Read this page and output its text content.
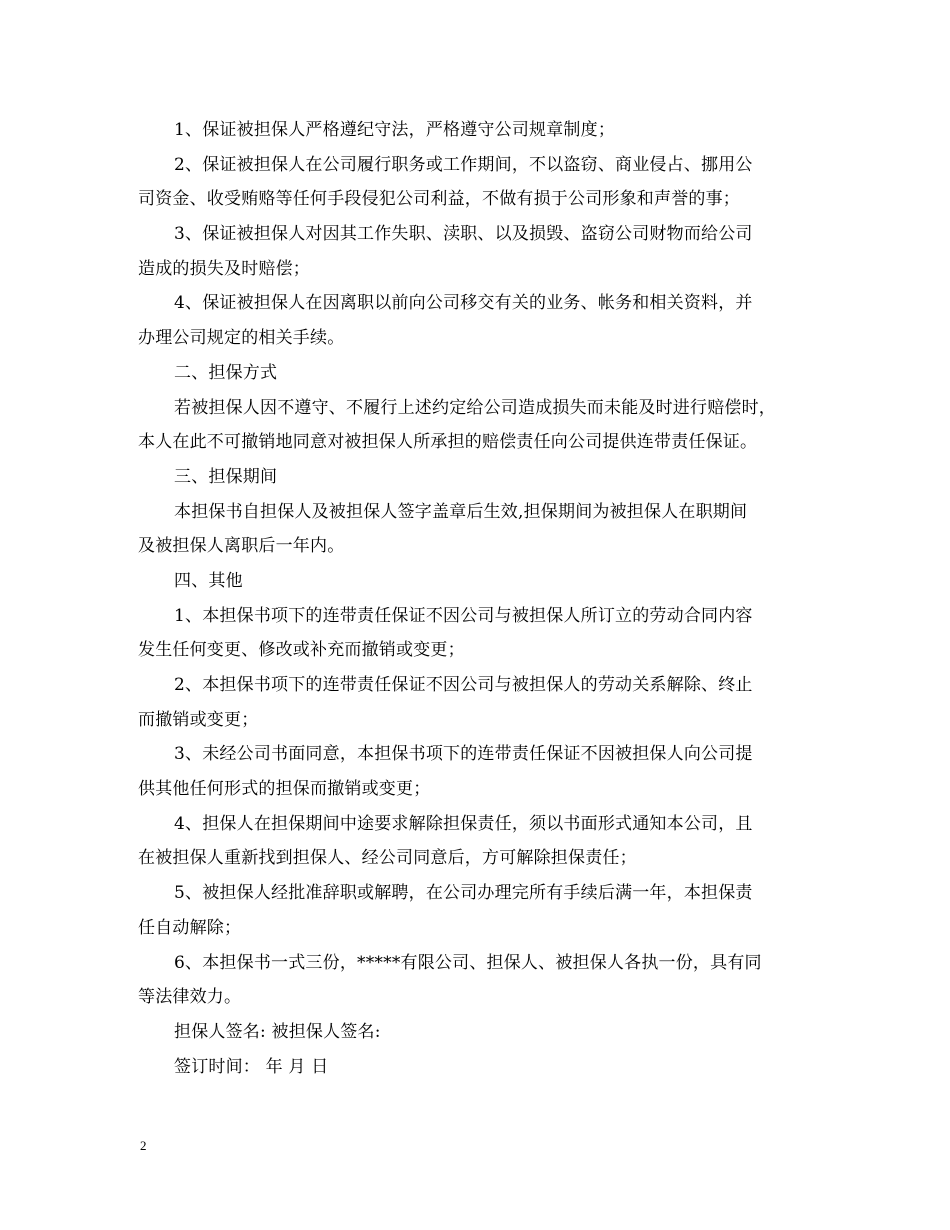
1、保证被担保人严格遵纪守法，严格遵守公司规章制度；
2、保证被担保人在公司履行职务或工作期间，不以盗窃、商业侵占、挪用公
司资金、收受贿赂等任何手段侵犯公司利益，不做有损于公司形象和声誉的事；
3、保证被担保人对因其工作失职、渎职、以及损毁、盗窃公司财物而给公司
造成的损失及时赔偿；
4、保证被担保人在因离职以前向公司移交有关的业务、帐务和相关资料，并
办理公司规定的相关手续。
二、担保方式
若被担保人因不遵守、不履行上述约定给公司造成损失而未能及时进行赔偿时，
本人在此不可撤销地同意对被担保人所承担的赔偿责任向公司提供连带责任保证。
三、担保期间
本担保书自担保人及被担保人签字盖章后生效,担保期间为被担保人在职期间
及被担保人离职后一年内。
四、其他
1、本担保书项下的连带责任保证不因公司与被担保人所订立的劳动合同内容
发生任何变更、修改或补充而撤销或变更；
2、本担保书项下的连带责任保证不因公司与被担保人的劳动关系解除、终止
而撤销或变更；
3、未经公司书面同意，本担保书项下的连带责任保证不因被担保人向公司提
供其他任何形式的担保而撤销或变更；
4、担保人在担保期间中途要求解除担保责任，须以书面形式通知本公司，且
在被担保人重新找到担保人、经公司同意后，方可解除担保责任；
5、被担保人经批准辞职或解聘，在公司办理完所有手续后满一年，本担保责
任自动解除；
6、本担保书一式三份，*****有限公司、担保人、被担保人各执一份，具有同
等法律效力。
担保人签名: 被担保人签名:
签订时间： 年 月 日
2
